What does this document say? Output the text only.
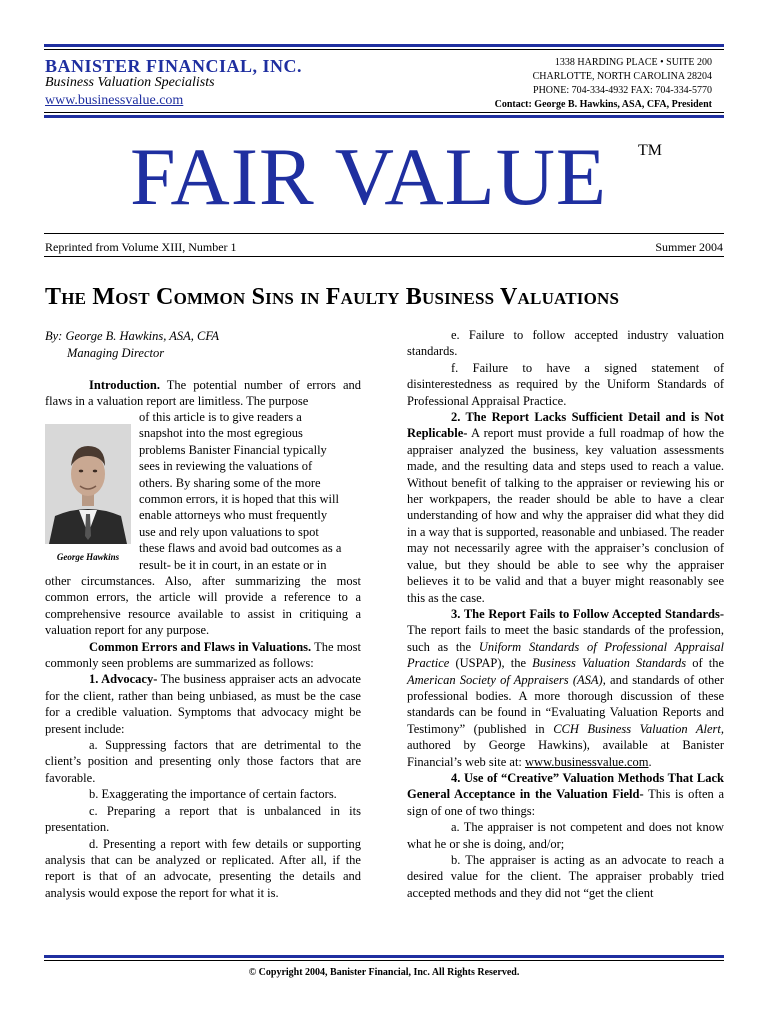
BANISTER FINANCIAL, INC.
Business Valuation Specialists
www.businessvalue.com
1338 HARDING PLACE • SUITE 200
CHARLOTTE, NORTH CAROLINA 28204
PHONE: 704-334-4932 FAX: 704-334-5770
Contact: George B. Hawkins, ASA, CFA, President
FAIR VALUE TM
Reprinted from Volume XIII, Number 1	Summer 2004
The Most Common Sins in Faulty Business Valuations
By: George B. Hawkins, ASA, CFA
Managing Director
George Hawkins

Introduction. The potential number of errors and flaws in a valuation report are limitless. The purpose

of this article is to give readers a
snapshot into the most egregious
problems Banister Financial typically
sees in reviewing the valuations of
others. By sharing some of the more
common errors, it is hoped that this will
enable attorneys who must frequently
use and rely upon valuations to spot
these flaws and avoid bad outcomes as a
result- be it in court, in an estate or in

other circumstances. Also, after summarizing the most common errors, the article will provide a reference to a comprehensive resource available to assist in critiquing a valuation report for any purpose.

Common Errors and Flaws in Valuations. The most commonly seen problems are summarized as follows:

1. Advocacy- The business appraiser acts an advocate for the client, rather than being unbiased, as must be the case for a credible valuation. Symptoms that advocacy might be present include:

a. Suppressing factors that are detrimental to the client’s position and presenting only those factors that are favorable.

b. Exaggerating the importance of certain factors.

c. Preparing a report that is unbalanced in its presentation.

d. Presenting a report with few details or supporting analysis that can be analyzed or replicated. After all, if the report is that of an advocate, presenting the details and analysis would expose the report for what it is.

e. Failure to follow accepted industry valuation standards.

f. Failure to have a signed statement of disinterestedness as required by the Uniform Standards of Professional Appraisal Practice.

2. The Report Lacks Sufficient Detail and is Not Replicable- A report must provide a full roadmap of how the appraiser analyzed the business, key valuation assessments made, and the resulting data and steps used to reach a value. Without benefit of talking to the appraiser or reviewing his or her workpapers, the reader should be able to have a clear understanding of how and why the appraiser did what they did in a way that is supported, reasonable and unbiased. The reader may not necessarily agree with the appraiser’s conclusion of value, but they should be able to see why the appraiser believes it to be valid and that a buyer might reasonably see this as the case.

3. The Report Fails to Follow Accepted Standards- The report fails to meet the basic standards of the profession, such as the Uniform Standards of Professional Appraisal Practice (USPAP), the Business Valuation Standards of the American Society of Appraisers (ASA), and standards of other professional bodies. A more thorough discussion of these standards can be found in “Evaluating Valuation Reports and Testimony” (published in CCH Business Valuation Alert, authored by George Hawkins), available at Banister Financial’s web site at: www.businessvalue.com.

4. Use of “Creative” Valuation Methods That Lack General Acceptance in the Valuation Field- This is often a sign of one of two things:

a. The appraiser is not competent and does not know what he or she is doing, and/or;

b. The appraiser is acting as an advocate to reach a desired value for the client. The appraiser probably tried accepted methods and they did not “get the client

© Copyright 2004, Banister Financial, Inc. All Rights Reserved.
